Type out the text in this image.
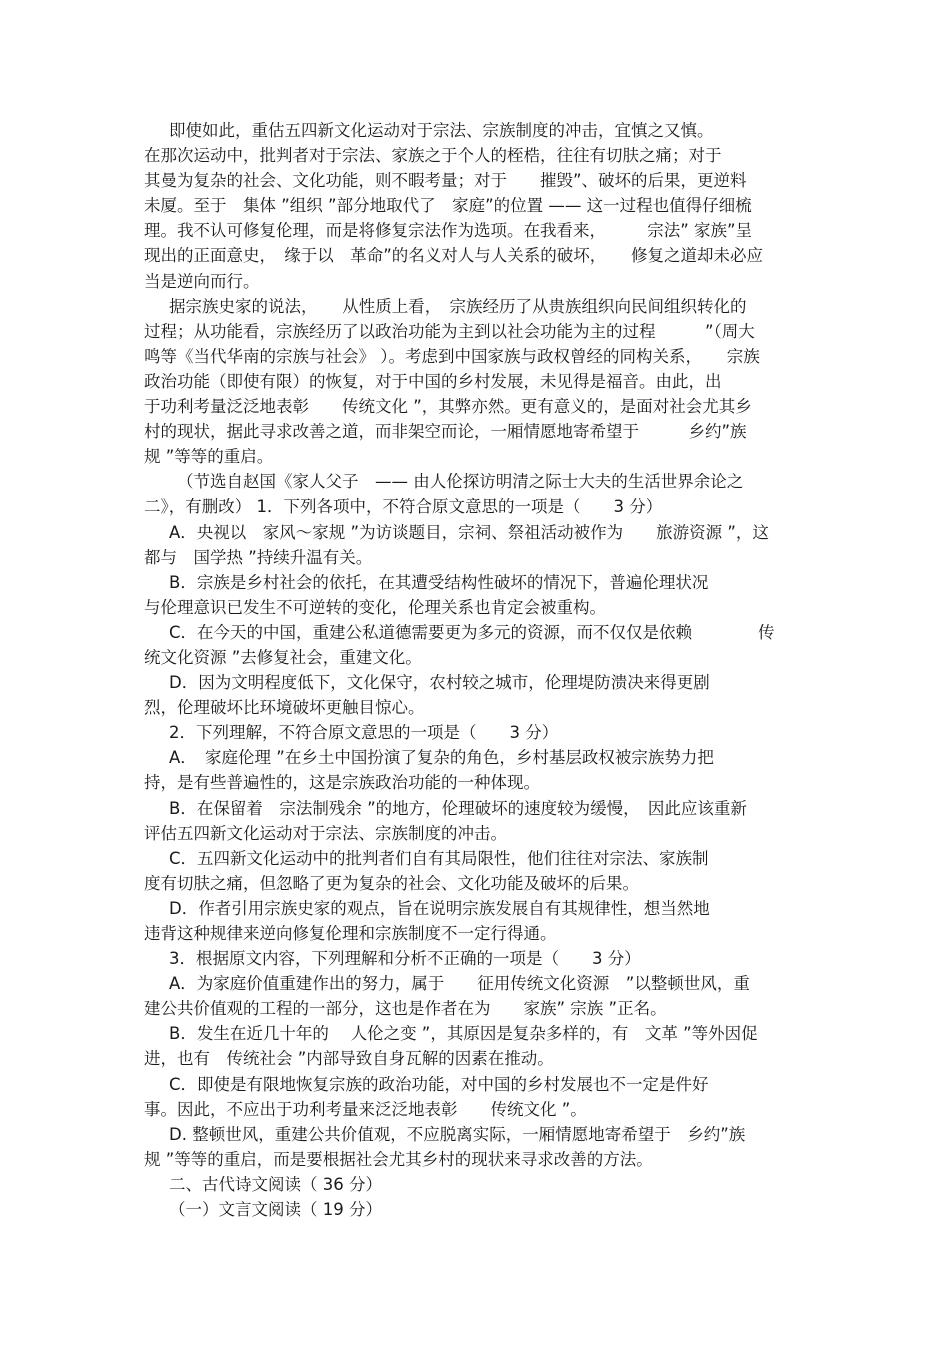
即使如此，重估五四新文化运动对于宗法、宗族制度的冲击，宜慎之又慎。
在那次运动中，批判者对于宗法、家族之于个人的桎梏，往往有切肤之痛；对于
其曼为复杂的社会、文化功能，则不暇考量；对于　　摧毁”、破坏的后果，更逆料
未厦。至于　集体 ”组织 ”部分地取代了　家庭”的位置 —— 这一过程也值得仔细梳
理。我不认可修复伦理，而是将修复宗法作为选项。在我看来，　　　宗法” 家族”呈
现出的正面意史，　缘于以　革命”的名义对人与人关系的破坏，　　修复之道却未必应
当是逆向而行。
据宗族史家的说法，　　从性质上看，　宗族经历了从贵族组织向民间组织转化的
过程；从功能看，宗族经历了以政治功能为主到以社会功能为主的过程　　　”（周大
鸣等《当代华南的宗族与社会》 ）。考虑到中国家族与政权曾经的同构关系，　　宗族
政治功能（即使有限）的恢复，对于中国的乡村发展，未见得是福音。由此，出
于功利考量泛泛地表彰　　传统文化 ”，其弊亦然。更有意义的，是面对社会尤其乡
村的现状，据此寻求改善之道，而非架空而论，一厢情愿地寄希望于　　　乡约”族
规 ”等等的重启。
（节选自赵国《家人父子　—— 由人伦探访明清之际士大夫的生活世界余论之
二》，有删改） 1．下列各项中，不符合原文意思的一项是（　　3 分）
A．央视以　家风～家规 ”为访谈题目，宗祠、祭祖活动被作为　　旅游资源 ”，这
都与　国学热 ”持续升温有关。
B．宗族是乡村社会的依托，在其遭受结构性破坏的情况下，普遍伦理状况
与伦理意识已发生不可逆转的变化，伦理关系也肯定会被重构。
C．在今天的中国，重建公私道德需要更为多元的资源，而不仅仅是依赖　　　　传
统文化资源 ”去修复社会，重建文化。
D．因为文明程度低下，文化保守，农村较之城市，伦理堤防溃决来得更剧
烈，伦理破坏比环境破坏更触目惊心。
2．下列理解，不符合原文意思的一项是（　　3 分）
A．　家庭伦理 ”在乡土中国扮演了复杂的角色，乡村基层政权被宗族势力把
持，是有些普遍性的，这是宗族政治功能的一种体现。
B．在保留着　宗法制残余 ”的地方，伦理破坏的速度较为缓慢，　因此应该重新
评估五四新文化运动对于宗法、宗族制度的冲击。
C．五四新文化运动中的批判者们自有其局限性，他们往往对宗法、家族制
度有切肤之痛，但忽略了更为复杂的社会、文化功能及破坏的后果。
D．作者引用宗族史家的观点，旨在说明宗族发展自有其规律性，想当然地
违背这种规律来逆向修复伦理和宗族制度不一定行得通。
3．根据原文内容，下列理解和分析不正确的一项是（　　3 分）
A．为家庭价值重建作出的努力，属于　　征用传统文化资源　”以整顿世风，重
建公共价值观的工程的一部分，这也是作者在为　　家族” 宗族 ”正名。
B．发生在近几十年的　 人伦之变 ”，其原因是复杂多样的，有　文革 ”等外因促
进，也有　传统社会 ”内部导致自身瓦解的因素在推动。
C．即使是有限地恢复宗族的政治功能，对中国的乡村发展也不一定是件好
事。因此，不应出于功利考量来泛泛地表彰　　传统文化 ”。
D. 整顿世风，重建公共价值观，不应脱离实际，一厢情愿地寄希望于　乡约”族
规 ”等等的重启，而是要根据社会尤其乡村的现状来寻求改善的方法。
二、古代诗文阅读（ 36 分）
（一）文言文阅读（ 19 分）
